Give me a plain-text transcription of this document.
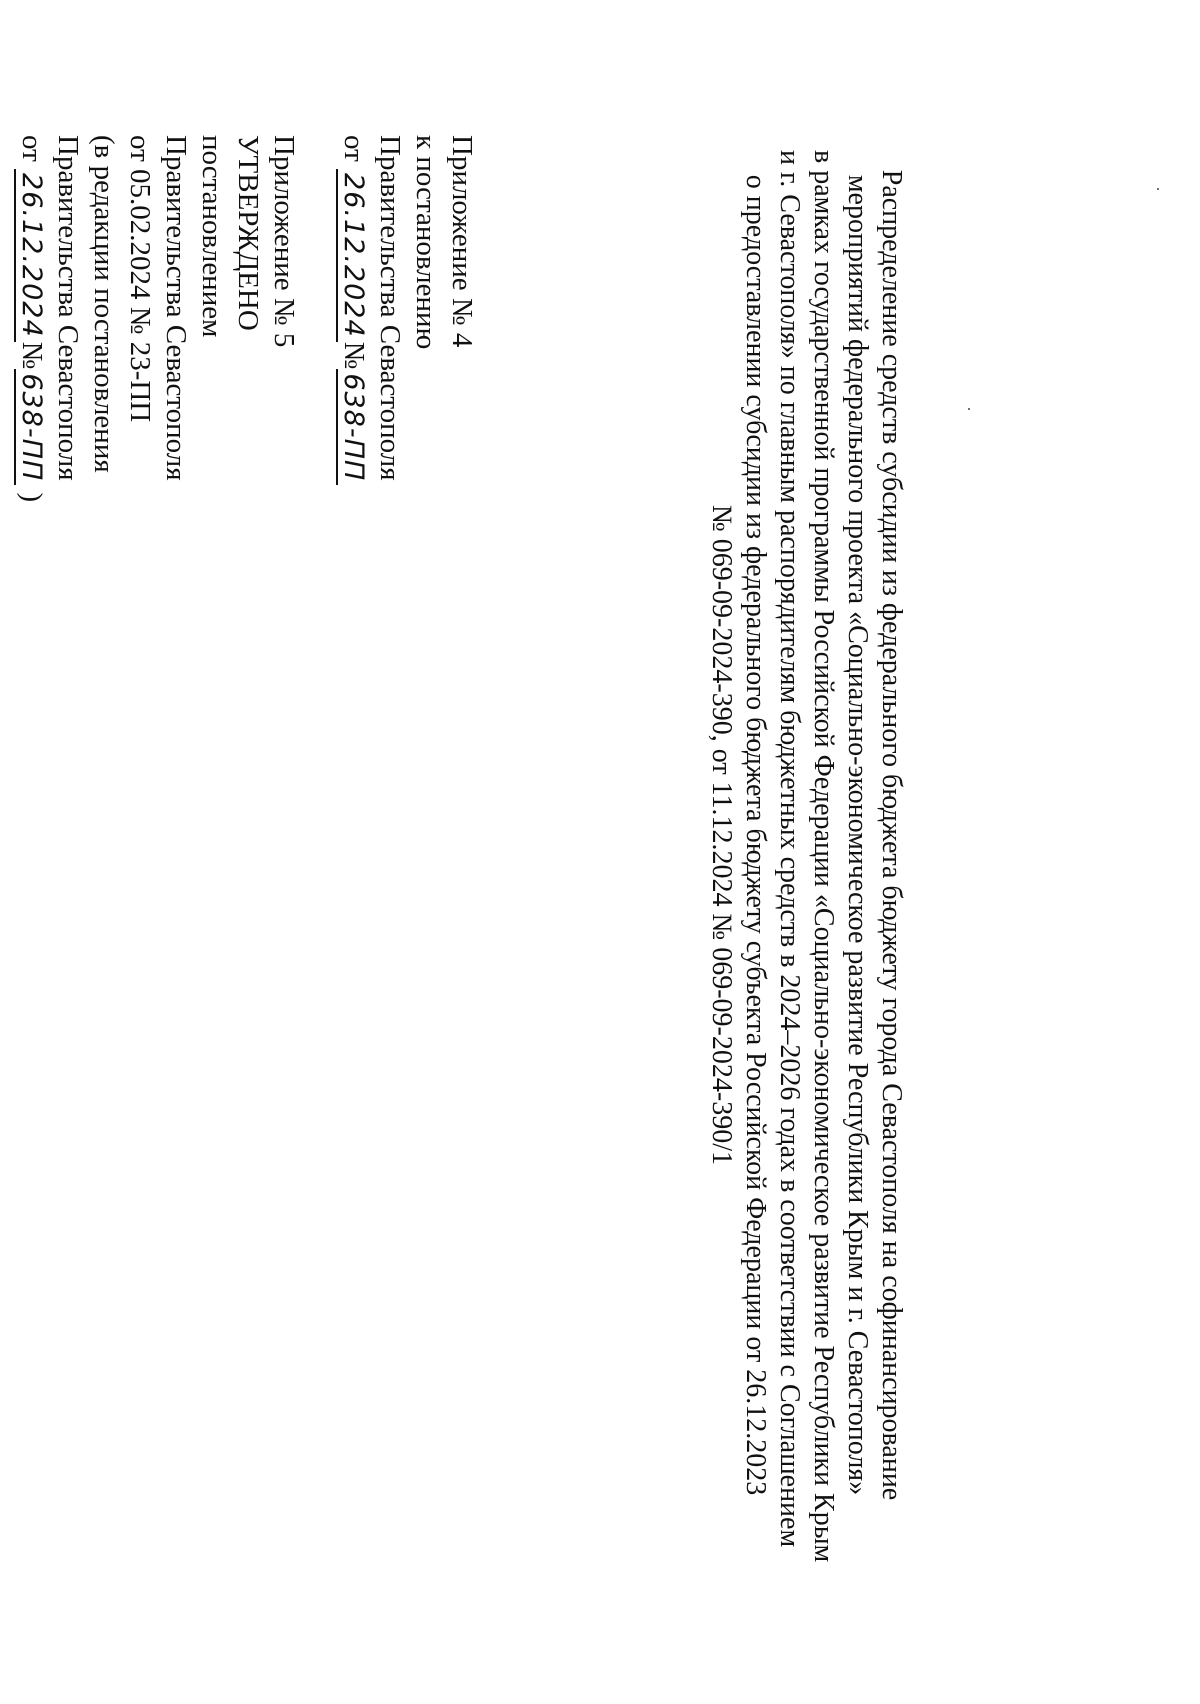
Приложение № 4
к постановлению
Правительства Севастополя
от 26.12.2024№638-ПП
Приложение № 5
УТВЕРЖДЕНО
постановлением
Правительства Севастополя
от 05.02.2024 № 23-ПП
(в редакции постановления
Правительства Севастополя
от 26.12.2024№638-ПП )	Распределение средств субсидии из федерального бюджета бюджету города Севастополя на софинансирование
мероприятий федерального проекта «Социально-экономическое развитие Республики Крым и г. Севастополя»
в рамках государственной программы Российской Федерации «Социально-экономическое развитие Республики Крым
и г. Севастополя» по главным распорядителям бюджетных средств в 2024–2026 годах в соответствии с Соглашением
о предоставлении субсидии из федерального бюджета бюджету субъекта Российской Федерации от 26.12.2023
№ 069-09-2024-390, от 11.12.2024 № 069-09-2024-390/1
